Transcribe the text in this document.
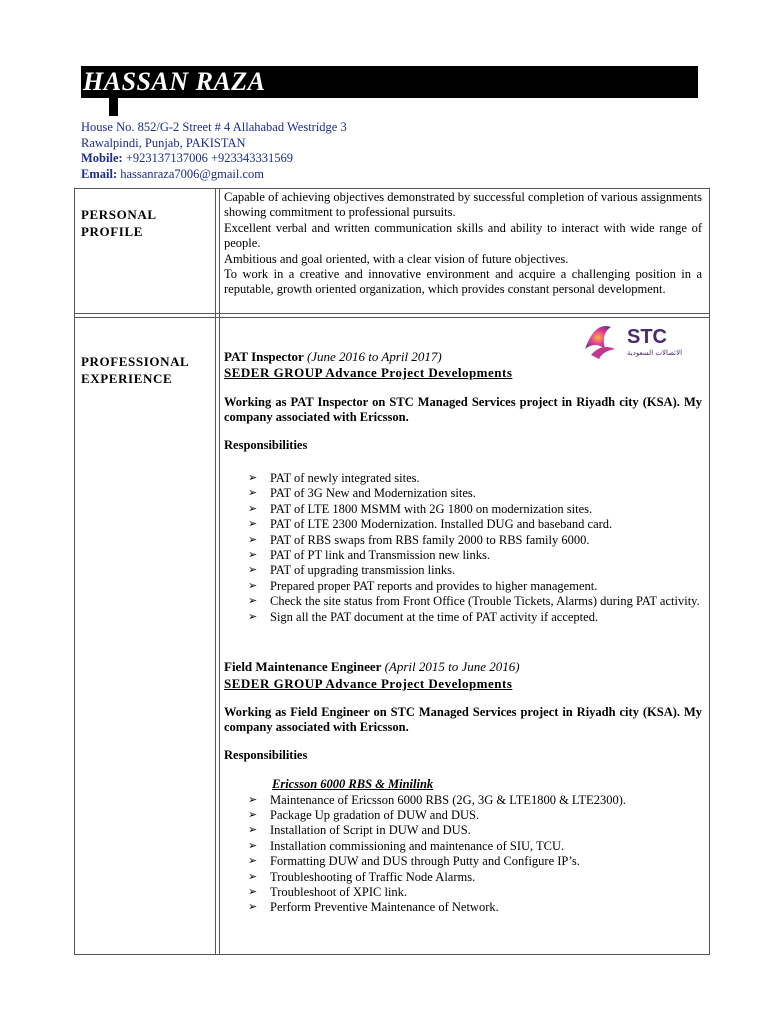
HASSAN RAZA
House No. 852/G-2 Street # 4 Allahabad Westridge 3
Rawalpindi, Punjab, PAKISTAN
Mobile: +923137137006 +923343331569
Email: hassanraza7006@gmail.com
PERSONAL
PROFILE

Capable of achieving objectives demonstrated by successful completion of various assignments showing commitment to professional pursuits.

Excellent verbal and written communication skills and ability to interact with wide range of people.

Ambitious and goal oriented, with a clear vision of future objectives.

To work in a creative and innovative environment and acquire a challenging position in a reputable, growth oriented organization, which provides constant personal development.

PROFESSIONAL
EXPERIENCE
STC
الاتصالات السعودية
PAT Inspector (June 2016 to April 2017)
SEDER GROUP Advance Project Developments

Working as PAT Inspector on STC Managed Services project in Riyadh city (KSA). My company associated with Ericsson.

Responsibilities

➢ PAT of newly integrated sites.
➢ PAT of 3G New and Modernization sites.
➢ PAT of LTE 1800 MSMM with 2G 1800 on modernization sites.
➢ PAT of LTE 2300 Modernization. Installed DUG and baseband card.
➢ PAT of RBS swaps from RBS family 2000 to RBS family 6000.
➢ PAT of PT link and Transmission new links.
➢ PAT of upgrading transmission links.
➢ Prepared proper PAT reports and provides to higher management.
➢ Check the site status from Front Office (Trouble Tickets, Alarms) during PAT activity.
➢ Sign all the PAT document at the time of PAT activity if accepted.
Field Maintenance Engineer (April 2015 to June 2016)
SEDER GROUP Advance Project Developments

Working as Field Engineer on STC Managed Services project in Riyadh city (KSA). My company associated with Ericsson.

Responsibilities

Ericsson 6000 RBS & Minilink
➢ Maintenance of Ericsson 6000 RBS (2G, 3G & LTE1800 & LTE2300).
➢ Package Up gradation of DUW and DUS.
➢ Installation of Script in DUW and DUS.
➢ Installation commissioning and maintenance of SIU, TCU.
➢ Formatting DUW and DUS through Putty and Configure IP’s.
➢ Troubleshooting of Traffic Node Alarms.
➢ Troubleshoot of XPIC link.
➢ Perform Preventive Maintenance of Network.
